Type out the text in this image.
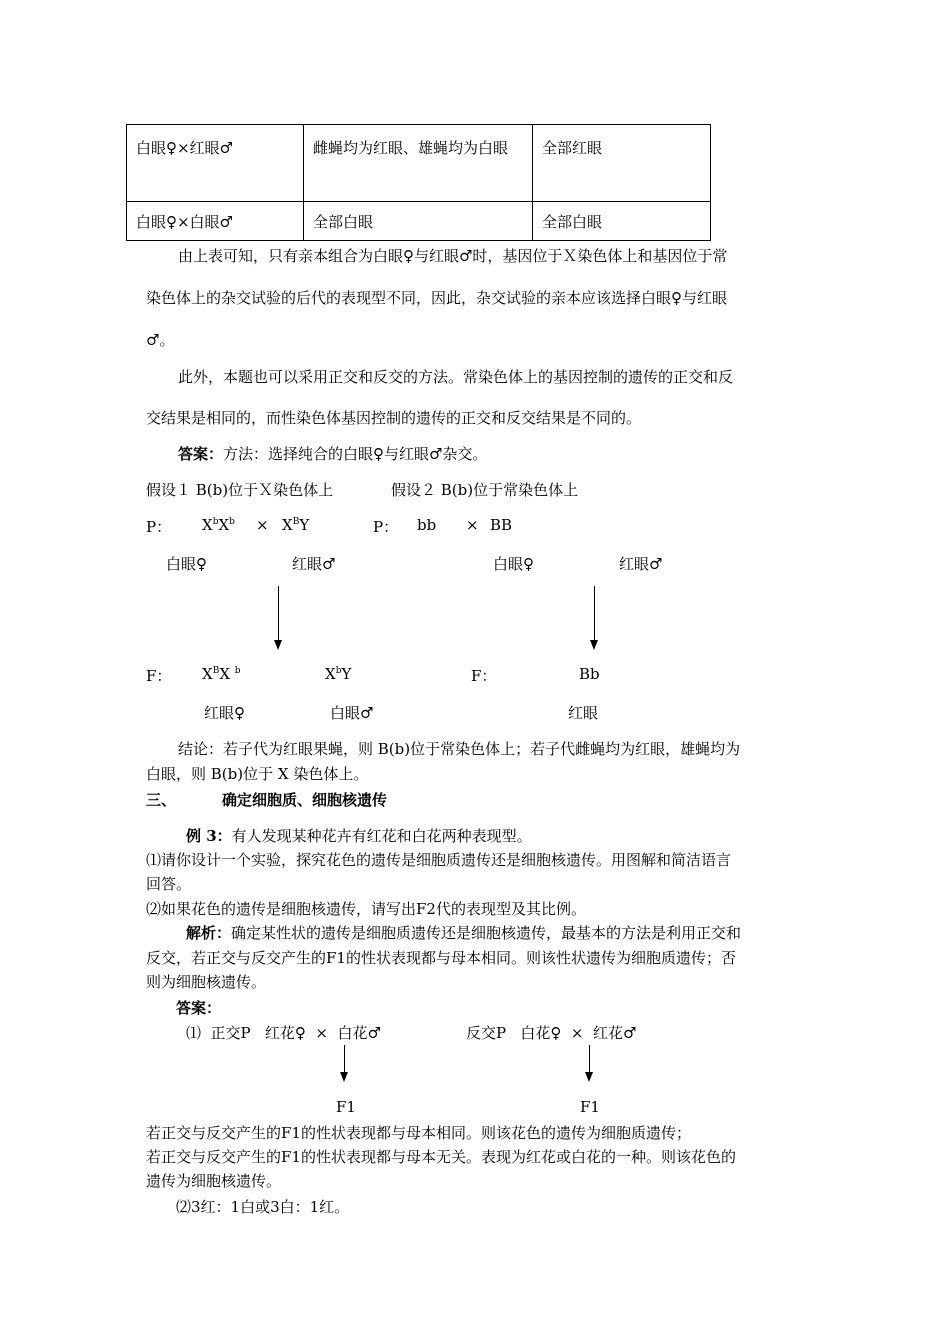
白眼♀×红眼♂	雌蝇均为红眼、雄蝇均为白眼	全部红眼
白眼♀×白眼♂	全部白眼	全部白眼
由上表可知，只有亲本组合为白眼♀与红眼♂时，基因位于Ｘ染色体上和基因位于常
染色体上的杂交试验的后代的表现型不同，因此，杂交试验的亲本应该选择白眼♀与红眼
♂。
此外，本题也可以采用正交和反交的方法。常染色体上的基因控制的遗传的正交和反
交结果是相同的，而性染色体基因控制的遗传的正交和反交结果是不同的。
答案：方法：选择纯合的白眼♀与红眼♂杂交。
假设１ B(b)位于Ｘ染色体上	假设２ B(b)位于常染色体上
P： $X^bX^b \times X^BY$	P： bb × BB
白眼♀	红眼♂	白眼♀	红眼♂
F： $X^BX$ $^b$	$X^bY$	F：	Bb
红眼♀	白眼♂	红眼
结论：若子代为红眼果蝇，则 B(b)位于常染色体上；若子代雌蝇均为红眼，雄蝇均为
白眼，则 B(b)位于 X 染色体上。
三、	确定细胞质、细胞核遗传
例 3：有人发现某种花卉有红花和白花两种表现型。
⑴请你设计一个实验，探究花色的遗传是细胞质遗传还是细胞核遗传。用图解和简洁语言
回答。
⑵如果花色的遗传是细胞核遗传，请写出F2代的表现型及其比例。
解析：确定某性状的遗传是细胞质遗传还是细胞核遗传，最基本的方法是利用正交和
反交，若正交与反交产生的F1的性状表现都与母本相同。则该性状遗传为细胞质遗传；否
则为细胞核遗传。
答案：
⑴  正交P   红花♀  ×  白花♂	反交P   白花♀  ×  红花♂
F1	F1
若正交与反交产生的F1的性状表现都与母本相同。则该花色的遗传为细胞质遗传；
若正交与反交产生的F1的性状表现都与母本无关。表现为红花或白花的一种。则该花色的
遗传为细胞核遗传。
⑵3红：1白或3白：1红。
